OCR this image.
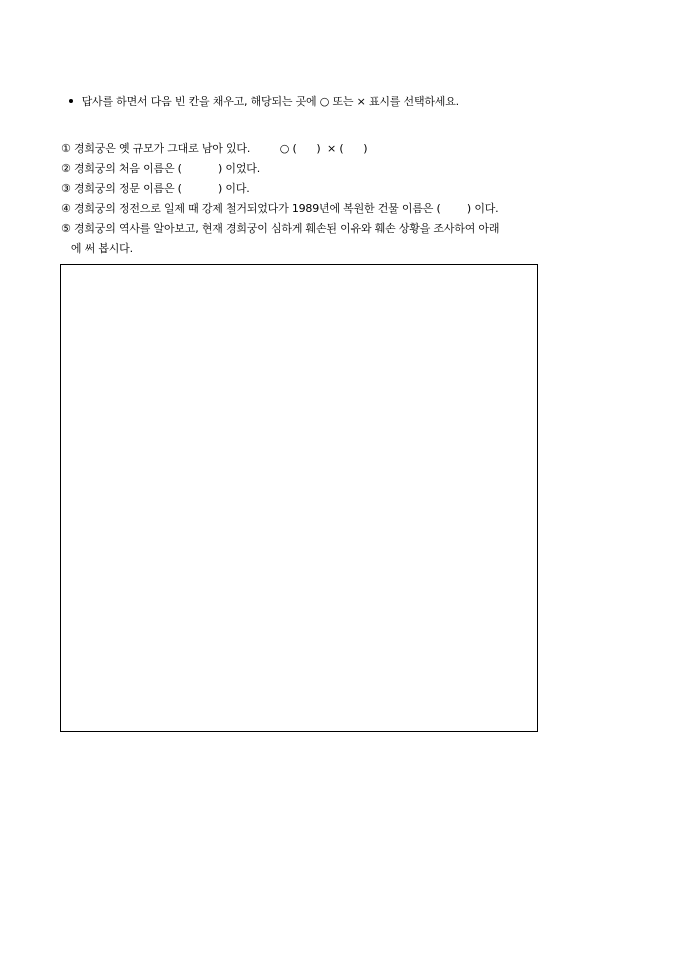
답사를 하면서 다음 빈 칸을 채우고, 해당되는 곳에 ○ 또는 × 표시를 선택하세요.

① 경희궁은 옛 규모가 그대로 남아 있다.         ○ (      )  × (      )
② 경희궁의 처음 이름은 (           ) 이었다.
③ 경희궁의 정문 이름은 (           ) 이다.
④ 경희궁의 정전으로 일제 때 강제 철거되었다가 1989년에 복원한 건물 이름은 (        ) 이다.
⑤ 경희궁의 역사를 알아보고, 현재 경희궁이 심하게 훼손된 이유와 훼손 상황을 조사하여 아래
에 써 봅시다.
